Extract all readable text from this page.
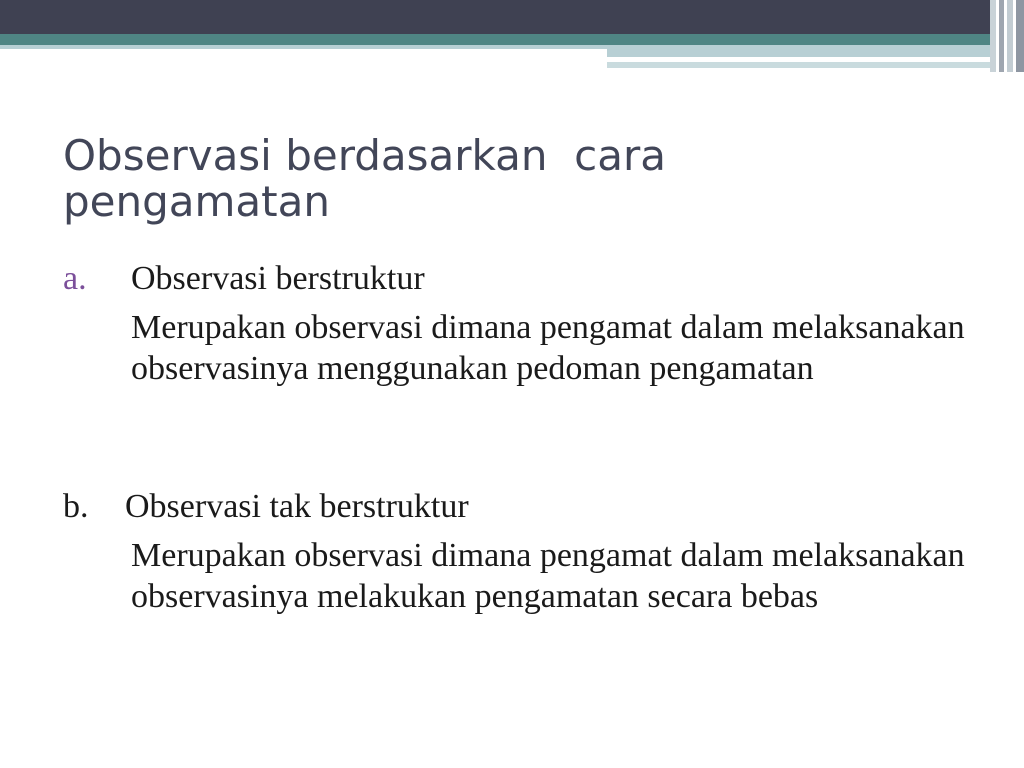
Observasi berdasarkan  cara
pengamatan
a. Observasi berstruktur
Merupakan observasi dimana pengamat dalam melaksanakan observasinya menggunakan pedoman pengamatan
b. Observasi tak berstruktur
Merupakan observasi dimana pengamat dalam melaksanakan observasinya melakukan pengamatan secara bebas
